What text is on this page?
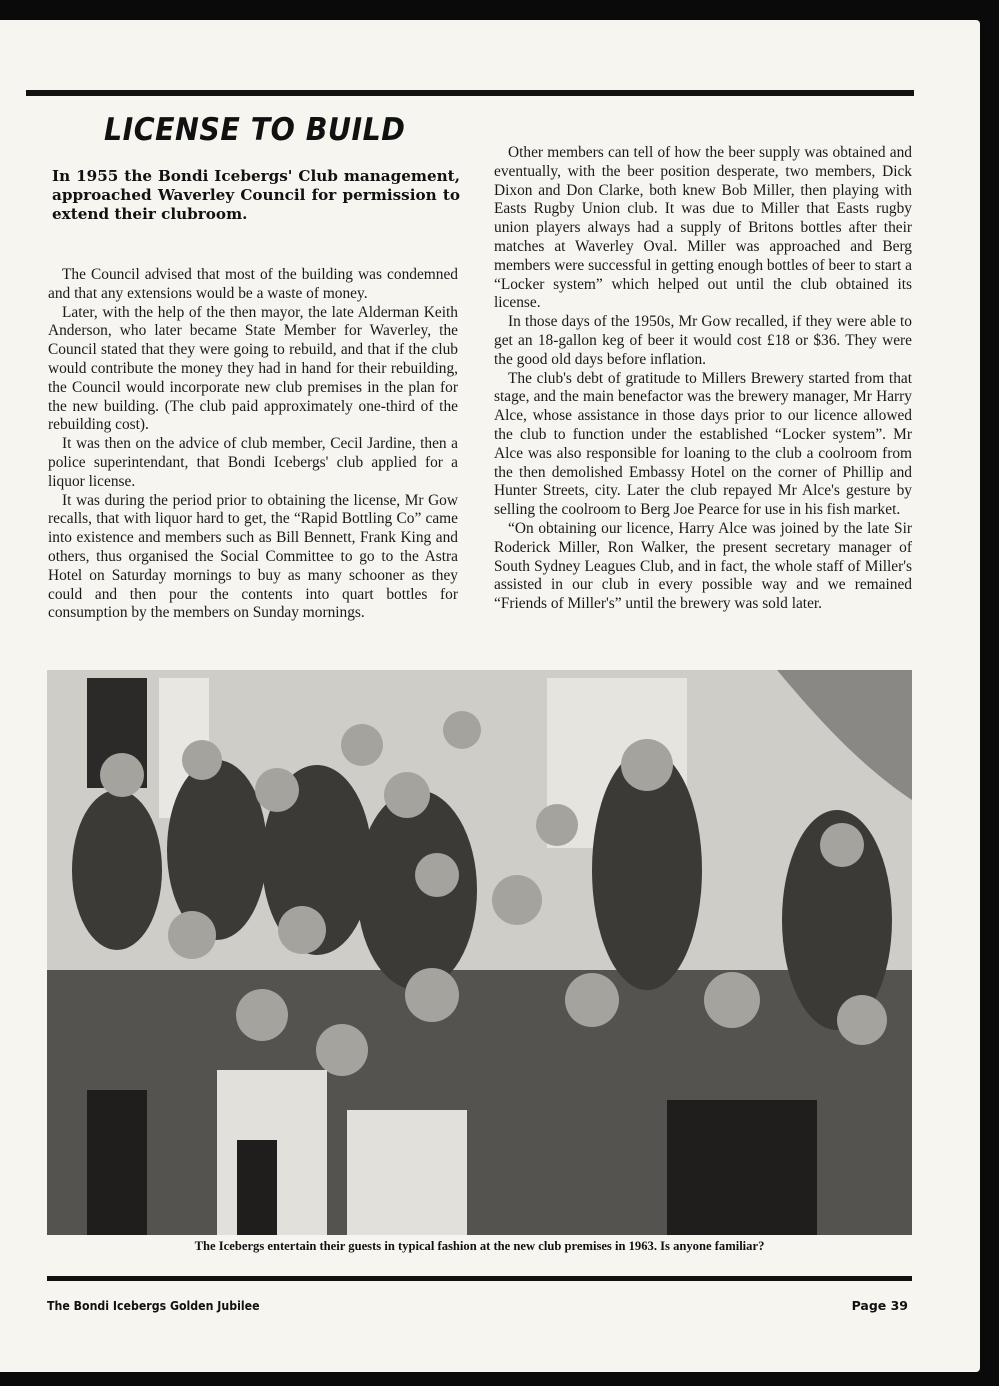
LICENSE TO BUILD

In 1955 the Bondi Icebergs' Club management, approached Waverley Council for permission to extend their clubroom.

The Council advised that most of the building was condemned and that any extensions would be a waste of money.

Later, with the help of the then mayor, the late Alderman Keith Anderson, who later became State Member for Waverley, the Council stated that they were going to rebuild, and that if the club would contribute the money they had in hand for their rebuilding, the Council would incorporate new club premises in the plan for the new building. (The club paid approximately one-third of the rebuilding cost).

It was then on the advice of club member, Cecil Jardine, then a police superintendant, that Bondi Icebergs' club applied for a liquor license.

It was during the period prior to obtaining the license, Mr Gow recalls, that with liquor hard to get, the “Rapid Bottling Co” came into existence and members such as Bill Bennett, Frank King and others, thus organised the Social Committee to go to the Astra Hotel on Saturday mornings to buy as many schooner as they could and then pour the contents into quart bottles for consumption by the members on Sunday mornings.

Other members can tell of how the beer supply was obtained and eventually, with the beer position desperate, two members, Dick Dixon and Don Clarke, both knew Bob Miller, then playing with Easts Rugby Union club. It was due to Miller that Easts rugby union players always had a supply of Britons bottles after their matches at Waverley Oval. Miller was approached and Berg members were successful in getting enough bottles of beer to start a “Locker system” which helped out until the club obtained its license.

In those days of the 1950s, Mr Gow recalled, if they were able to get an 18-gallon keg of beer it would cost £18 or $36. They were the good old days before inflation.

The club's debt of gratitude to Millers Brewery started from that stage, and the main benefactor was the brewery manager, Mr Harry Alce, whose assistance in those days prior to our licence allowed the club to function under the established “Locker system”. Mr Alce was also responsible for loaning to the club a coolroom from the then demolished Embassy Hotel on the corner of Phillip and Hunter Streets, city. Later the club repayed Mr Alce's gesture by selling the coolroom to Berg Joe Pearce for use in his fish market.

“On obtaining our licence, Harry Alce was joined by the late Sir Roderick Miller, Ron Walker, the present secretary manager of South Sydney Leagues Club, and in fact, the whole staff of Miller's assisted in our club in every possible way and we remained “Friends of Miller's” until the brewery was sold later.

The Icebergs entertain their guests in typical fashion at the new club premises in 1963. Is anyone familiar?
The Bondi Icebergs Golden Jubilee	Page 39
